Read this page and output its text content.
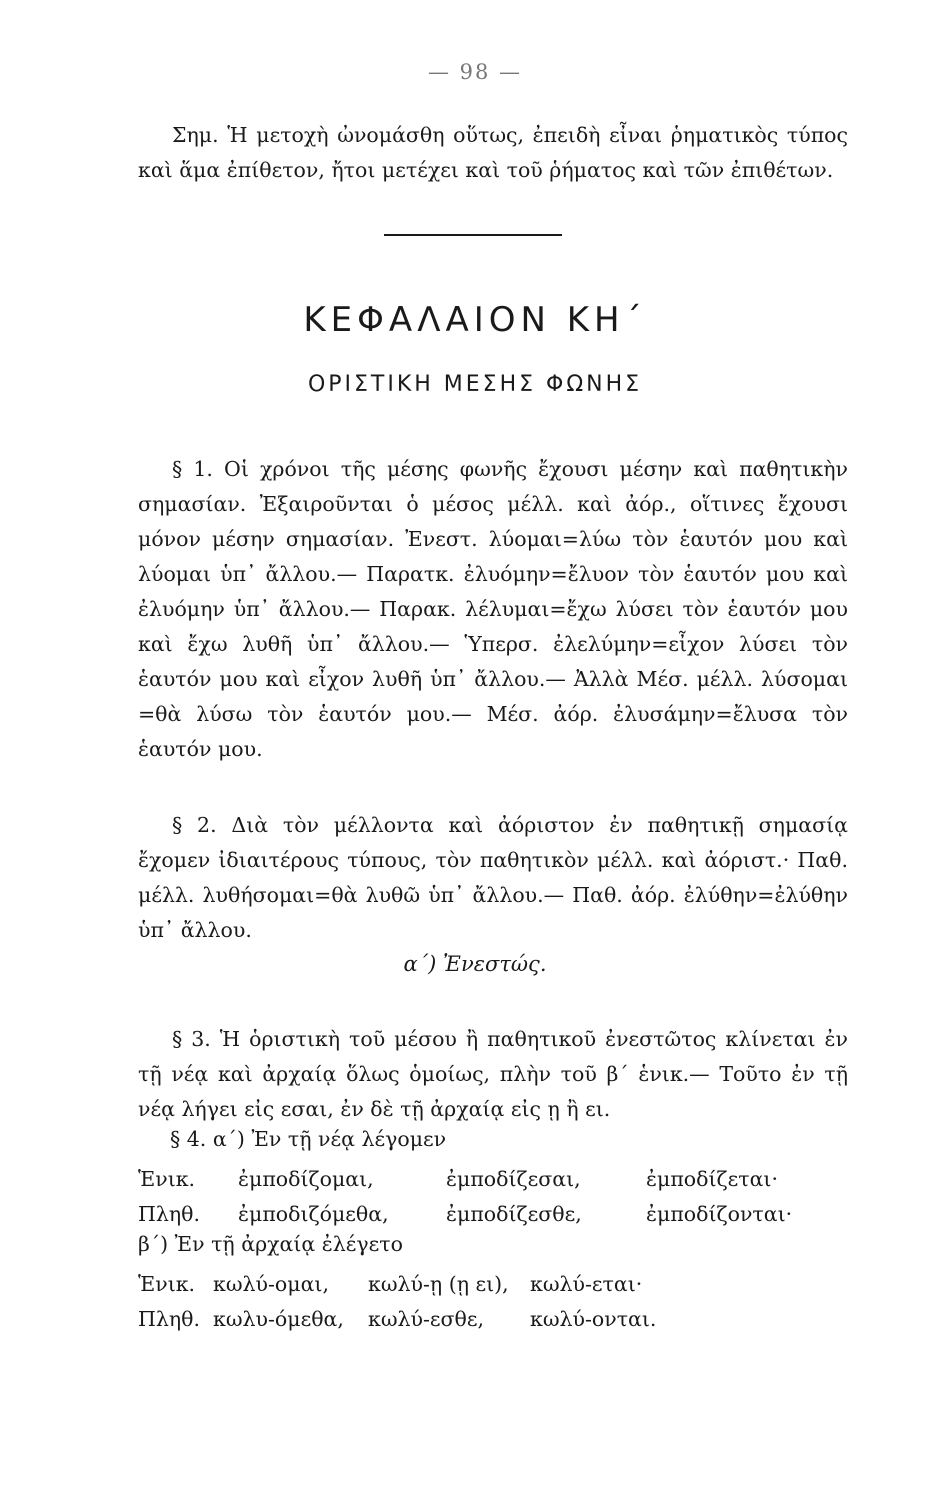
— 98 —
Σημ. Ἡ μετοχὴ ὠνομάσθη οὕτως, ἐπειδὴ εἶναι ῥηματικὸς τύπος καὶ ἅμα ἐπίθετον, ἤτοι μετέχει καὶ τοῦ ῥήματος καὶ τῶν ἐπιθέτων.
ΚΕΦΑΛΑΙΟΝ ΚΗ΄
ΟΡΙΣΤΙΚΗ ΜΕΣΗΣ ΦΩΝΗΣ
§ 1. Οἱ χρόνοι τῆς μέσης φωνῆς ἔχουσι μέσην καὶ παθητικὴν σημασίαν. Ἐξαιροῦνται ὁ μέσος μέλλ. καὶ ἀόρ., οἵτινες ἔχουσι μόνον μέσην σημασίαν. Ἐνεστ. λύομαι=λύω τὸν ἑαυτόν μου καὶ λύομαι ὑπ᾽ ἄλλου.— Παρατκ. ἐλυόμην=ἔλυον τὸν ἑαυτόν μου καὶ ἐλυόμην ὑπ᾽ ἄλλου.— Παρακ. λέλυμαι=ἔχω λύσει τὸν ἑαυτόν μου καὶ ἔχω λυθῆ ὑπ᾽ ἄλλου.— Ὑπερσ. ἐλελύμην=εἶχον λύσει τὸν ἑαυτόν μου καὶ εἶχον λυθῆ ὑπ᾽ ἄλλου.— Ἀλλὰ Μέσ. μέλλ. λύσομαι =θὰ λύσω τὸν ἑαυτόν μου.— Μέσ. ἀόρ. ἐλυσάμην=ἔλυσα τὸν ἑαυτόν μου.
§ 2. Διὰ τὸν μέλλοντα καὶ ἀόριστον ἐν παθητικῇ σημασίᾳ ἔχομεν ἰδιαιτέρους τύπους, τὸν παθητικὸν μέλλ. καὶ ἀόριστ.· Παθ. μέλλ. λυθήσομαι=θὰ λυθῶ ὑπ᾽ ἄλλου.— Παθ. ἀόρ. ἐλύθην=ἐλύθην ὑπ᾽ ἄλλου.
α΄) Ἐνεστώς.
§ 3. Ἡ ὁριστικὴ τοῦ μέσου ἢ παθητικοῦ ἐνεστῶτος κλίνεται ἐν τῇ νέᾳ καὶ ἀρχαίᾳ ὅλως ὁμοίως, πλὴν τοῦ β΄ ἑνικ.— Τοῦτο ἐν τῇ νέᾳ λήγει εἰς εσαι, ἐν δὲ τῇ ἀρχαίᾳ εἰς ῃ ἢ ει.
§ 4. α΄) Ἐν τῇ νέᾳ λέγομεν
Ἑνικ.	ἐμποδίζομαι,	ἐμποδίζεσαι,	ἐμποδίζεται·
Πληθ.	ἐμποδιζόμεθα,	ἐμποδίζεσθε,	ἐμποδίζονται·
β΄) Ἐν τῇ ἀρχαίᾳ ἐλέγετο
Ἑνικ. κωλύ-ομαι,	κωλύ-ῃ (ῃ ει),	κωλύ-εται·
Πληθ. κωλυ-όμεθα,	κωλύ-εσθε,	κωλύ-ονται.
